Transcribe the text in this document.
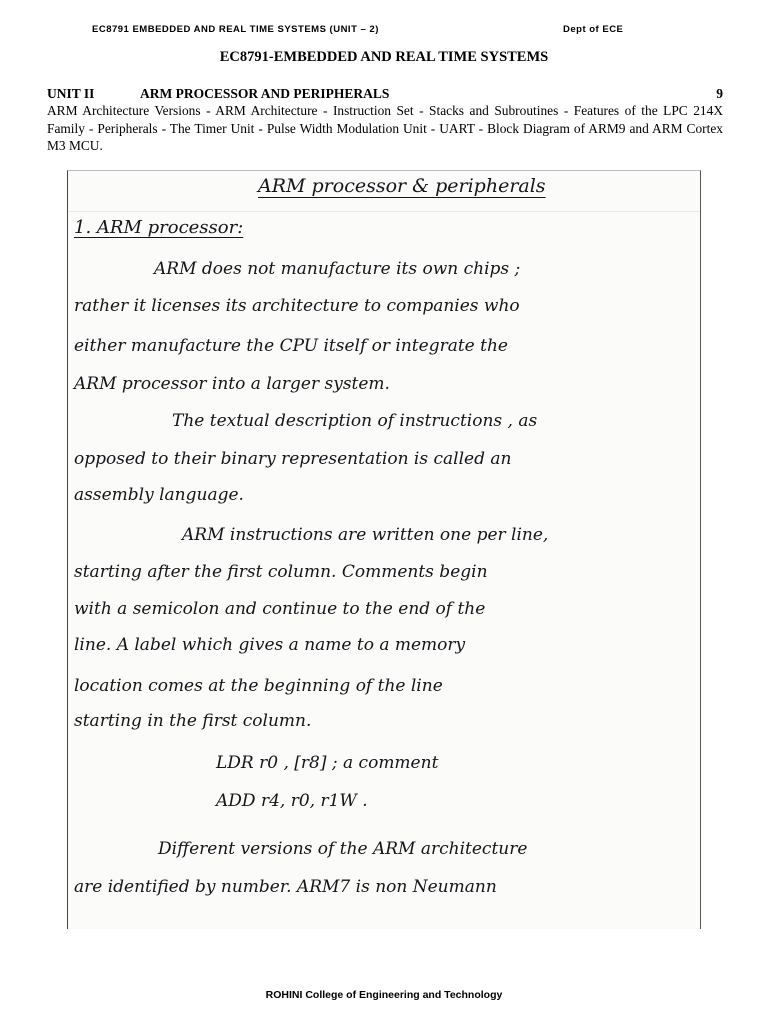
EC8791 EMBEDDED AND REAL TIME SYSTEMS (UNIT – 2)	Dept of ECE
EC8791-EMBEDDED AND REAL TIME SYSTEMS
UNIT II	ARM PROCESSOR AND PERIPHERALS	9
ARM Architecture Versions - ARM Architecture - Instruction Set - Stacks and Subroutines - Features of the LPC 214X Family - Peripherals - The Timer Unit - Pulse Width Modulation Unit - UART - Block Diagram of ARM9 and ARM Cortex M3 MCU.
ARM processor & peripherals
1. ARM processor:
ARM does not manufacture its own chips ;
rather it licenses its architecture to companies who
either manufacture the CPU itself or integrate the
ARM processor into a larger system.
The textual description of instructions , as
opposed to their binary representation is called an
assembly language.
ARM instructions are written one per line,
starting after the first column. Comments begin
with a semicolon and continue to the end of the
line. A label which gives a name to a memory
location comes at the beginning of the line
starting in the first column.
LDR r0 , [r8] ; a comment
ADD r4, r0, r1W .
Different versions of the ARM architecture
are identified by number. ARM7 is non Neumann
ROHINI College of Engineering and Technology
